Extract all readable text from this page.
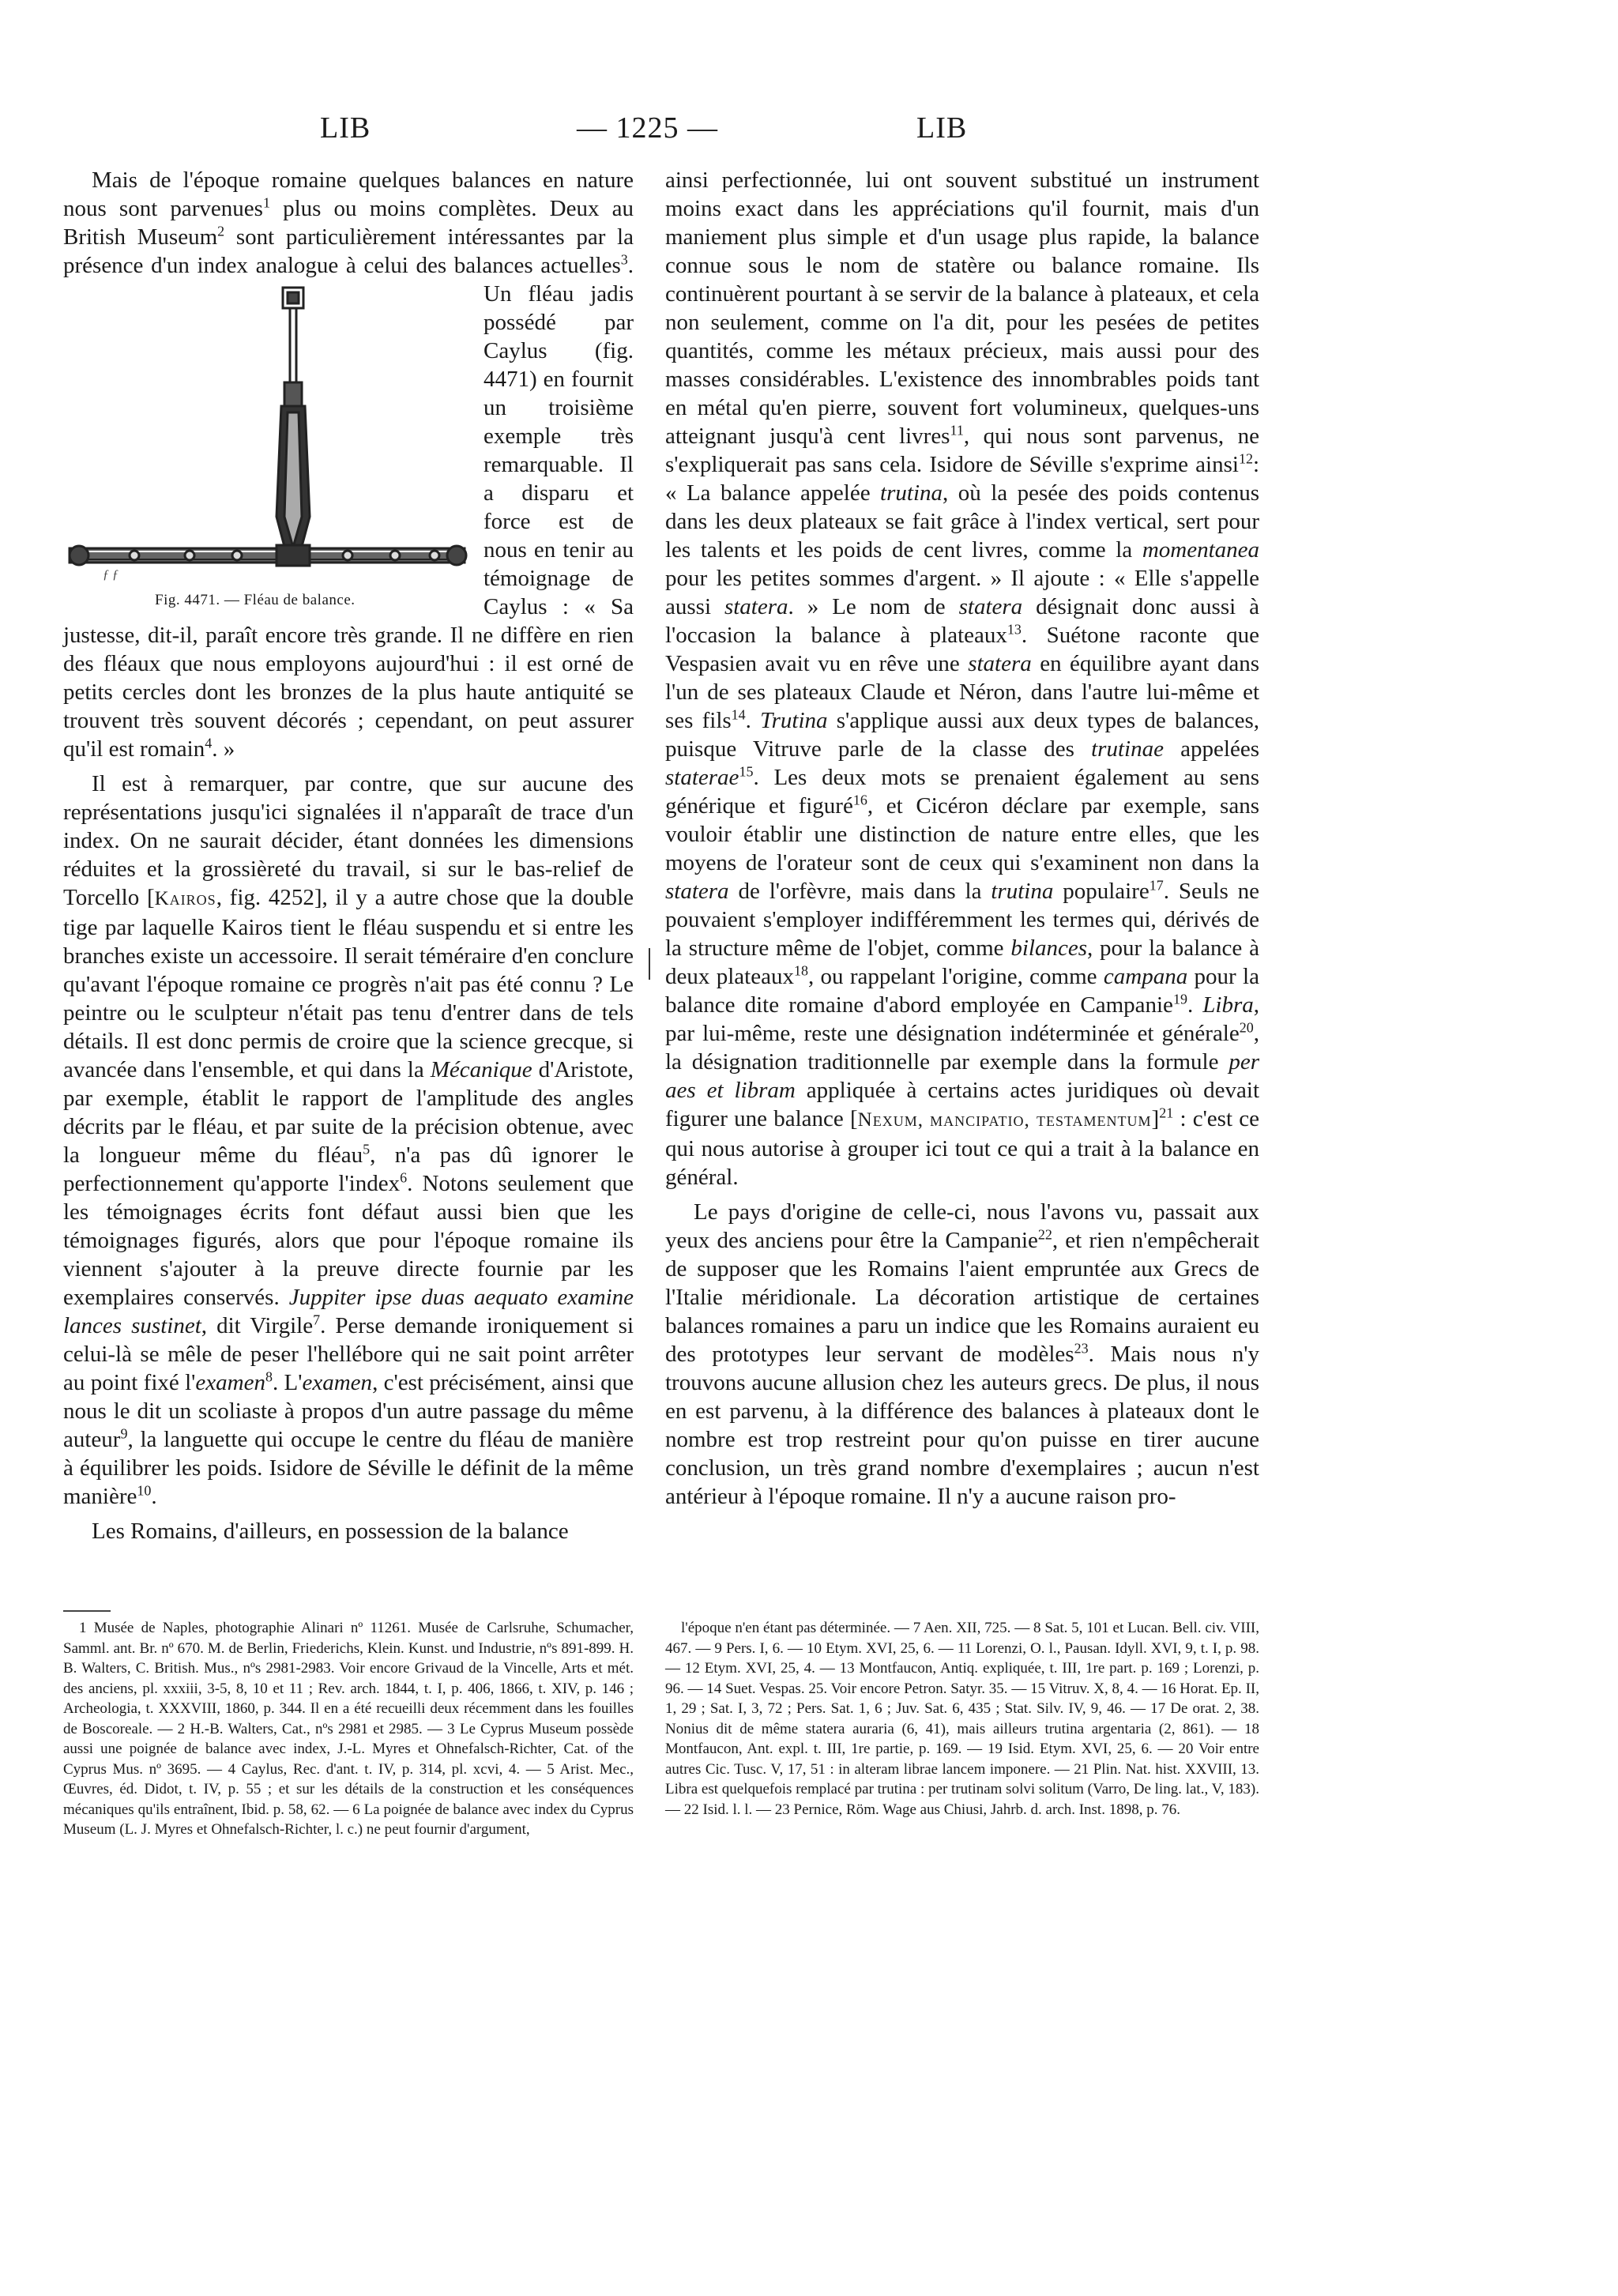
LIB	— 1225 —	LIB

Mais de l'époque romaine quelques balances en nature nous sont parvenues$^1$ plus ou moins complètes. Deux au British Museum$^2$ sont particulièrement intéressantes par la présence d'un index analogue à celui des balances actuelles$^3$
ƒ ƒ
Fig. 4471. — Fléau de balance.
. Un fléau jadis possédé par Caylus (fig. 4471) en fournit un troisième exemple très remarquable. Il a disparu et force est de nous en tenir au témoignage de Caylus : « Sa justesse, dit-il, paraît encore très grande. Il ne diffère en rien des fléaux que nous employons aujourd'hui : il est orné de petits cercles dont les bronzes de la plus haute antiquité se trouvent très souvent décorés ; cependant, on peut assurer qu'il est romain$^4$. »

Il est à remarquer, par contre, que sur aucune des représentations jusqu'ici signalées il n'apparaît de trace d'un index. On ne saurait décider, étant données les dimensions réduites et la grossièreté du travail, si sur le bas-relief de Torcello [Kairos, fig. 4252], il y a autre chose que la double tige par laquelle Kairos tient le fléau suspendu et si entre les branches existe un accessoire. Il serait téméraire d'en conclure qu'avant l'époque romaine ce progrès n'ait pas été connu ? Le peintre ou le sculpteur n'était pas tenu d'entrer dans de tels détails. Il est donc permis de croire que la science grecque, si avancée dans l'ensemble, et qui dans la Mécanique d'Aristote, par exemple, établit le rapport de l'amplitude des angles décrits par le fléau, et par suite de la précision obtenue, avec la longueur même du fléau$^5$, n'a pas dû ignorer le perfectionnement qu'apporte l'index$^6$. Notons seulement que les témoignages écrits font défaut aussi bien que les témoignages figurés, alors que pour l'époque romaine ils viennent s'ajouter à la preuve directe fournie par les exemplaires conservés. Juppiter ipse duas aequato examine lances sustinet, dit Virgile$^7$. Perse demande ironiquement si celui-là se mêle de peser l'hellébore qui ne sait point arrêter au point fixé l'examen$^8$. L'examen, c'est précisément, ainsi que nous le dit un scoliaste à propos d'un autre passage du même auteur$^9$, la languette qui occupe le centre du fléau de manière à équilibrer les poids. Isidore de Séville le définit de la même manière$^{10}$.

Les Romains, d'ailleurs, en possession de la balance

ainsi perfectionnée, lui ont souvent substitué un instrument moins exact dans les appréciations qu'il fournit, mais d'un maniement plus simple et d'un usage plus rapide, la balance connue sous le nom de statère ou balance romaine. Ils continuèrent pourtant à se servir de la balance à plateaux, et cela non seulement, comme on l'a dit, pour les pesées de petites quantités, comme les métaux précieux, mais aussi pour des masses considérables. L'existence des innombrables poids tant en métal qu'en pierre, souvent fort volumineux, quelques-uns atteignant jusqu'à cent livres$^{11}$, qui nous sont parvenus, ne s'expliquerait pas sans cela. Isidore de Séville s'exprime ainsi$^{12}$: « La balance appelée trutina, où la pesée des poids contenus dans les deux plateaux se fait grâce à l'index vertical, sert pour les talents et les poids de cent livres, comme la momentanea pour les petites sommes d'argent. » Il ajoute : « Elle s'appelle aussi statera. » Le nom de statera désignait donc aussi à l'occasion la balance à plateaux$^{13}$. Suétone raconte que Vespasien avait vu en rêve une statera en équilibre ayant dans l'un de ses plateaux Claude et Néron, dans l'autre lui-même et ses fils$^{14}$. Trutina s'applique aussi aux deux types de balances, puisque Vitruve parle de la classe des trutinae appelées staterae$^{15}$. Les deux mots se prenaient également au sens générique et figuré$^{16}$, et Cicéron déclare par exemple, sans vouloir établir une distinction de nature entre elles, que les moyens de l'orateur sont de ceux qui s'examinent non dans la statera de l'orfèvre, mais dans la trutina populaire$^{17}$. Seuls ne pouvaient s'employer indifféremment les termes qui, dérivés de la structure même de l'objet, comme bilances, pour la balance à deux plateaux$^{18}$, ou rappelant l'origine, comme campana pour la balance dite romaine d'abord employée en Campanie$^{19}$. Libra, par lui-même, reste une désignation indéterminée et générale$^{20}$, la désignation traditionnelle par exemple dans la formule per aes et libram appliquée à certains actes juridiques où devait figurer une balance [Nexum, mancipatio, testamentum]$^{21}$ : c'est ce qui nous autorise à grouper ici tout ce qui a trait à la balance en général.

Le pays d'origine de celle-ci, nous l'avons vu, passait aux yeux des anciens pour être la Campanie$^{22}$, et rien n'empêcherait de supposer que les Romains l'aient empruntée aux Grecs de l'Italie méridionale. La décoration artistique de certaines balances romaines a paru un indice que les Romains auraient eu des prototypes leur servant de modèles$^{23}$. Mais nous n'y trouvons aucune allusion chez les auteurs grecs. De plus, il nous en est parvenu, à la différence des balances à plateaux dont le nombre est trop restreint pour qu'on puisse en tirer aucune conclusion, un très grand nombre d'exemplaires ; aucun n'est antérieur à l'époque romaine. Il n'y a aucune raison pro-

1 Musée de Naples, photographie Alinari nº 11261. Musée de Carlsruhe, Schumacher, Samml. ant. Br. nº 670. M. de Berlin, Friederichs, Klein. Kunst. und Industrie, nºs 891-899. H. B. Walters, C. British. Mus., nºs 2981-2983. Voir encore Grivaud de la Vincelle, Arts et mét. des anciens, pl. xxxiii, 3-5, 8, 10 et 11 ; Rev. arch. 1844, t. I, p. 406, 1866, t. XIV, p. 146 ; Archeologia, t. XXXVIII, 1860, p. 344. Il en a été recueilli deux récemment dans les fouilles de Boscoreale. — 2 H.-B. Walters, Cat., nºs 2981 et 2985. — 3 Le Cyprus Museum possède aussi une poignée de balance avec index, J.-L. Myres et Ohnefalsch-Richter, Cat. of the Cyprus Mus. nº 3695. — 4 Caylus, Rec. d'ant. t. IV, p. 314, pl. xcvi, 4. — 5 Arist. Mec., Œuvres, éd. Didot, t. IV, p. 55 ; et sur les détails de la construction et les conséquences mécaniques qu'ils entraînent, Ibid. p. 58, 62. — 6 La poignée de balance avec index du Cyprus Museum (L. J. Myres et Ohnefalsch-Richter, l. c.) ne peut fournir d'argument,

l'époque n'en étant pas déterminée. — 7 Aen. XII, 725. — 8 Sat. 5, 101 et Lucan. Bell. civ. VIII, 467. — 9 Pers. I, 6. — 10 Etym. XVI, 25, 6. — 11 Lorenzi, O. l., Pausan. Idyll. XVI, 9, t. I, p. 98. — 12 Etym. XVI, 25, 4. — 13 Montfaucon, Antiq. expliquée, t. III, 1re part. p. 169 ; Lorenzi, p. 96. — 14 Suet. Vespas. 25. Voir encore Petron. Satyr. 35. — 15 Vitruv. X, 8, 4. — 16 Horat. Ep. II, 1, 29 ; Sat. I, 3, 72 ; Pers. Sat. 1, 6 ; Juv. Sat. 6, 435 ; Stat. Silv. IV, 9, 46. — 17 De orat. 2, 38. Nonius dit de même statera auraria (6, 41), mais ailleurs trutina argentaria (2, 861). — 18 Montfaucon, Ant. expl. t. III, 1re partie, p. 169. — 19 Isid. Etym. XVI, 25, 6. — 20 Voir entre autres Cic. Tusc. V, 17, 51 : in alteram librae lancem imponere. — 21 Plin. Nat. hist. XXVIII, 13. Libra est quelquefois remplacé par trutina : per trutinam solvi solitum (Varro, De ling. lat., V, 183). — 22 Isid. l. l. — 23 Pernice, Röm. Wage aus Chiusi, Jahrb. d. arch. Inst. 1898, p. 76.
